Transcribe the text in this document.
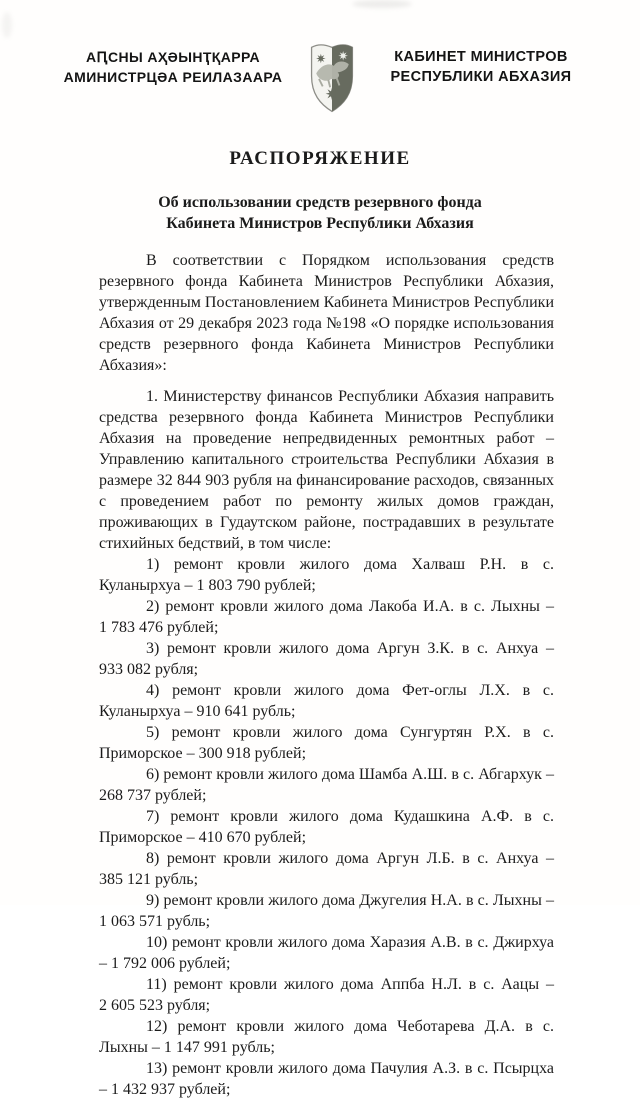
АԤСНЫ АҲӘЫНҬҚАРРА
АМИНИСТРЦӘА РЕИЛАЗААРА
КАБИНЕТ МИНИСТРОВ
РЕСПУБЛИКИ АБХАЗИЯ
РАСПОРЯЖЕНИЕ
Об использовании средств резервного фонда
Кабинета Министров Республики Абхазия

В соответствии с Порядком использования средств резервного фонда Кабинета Министров Республики Абхазия, утвержденным Постановлением Кабинета Министров Республики Абхазия от 29 декабря 2023 года №198 «О порядке использования средств резервного фонда Кабинета Министров Республики Абхазия»:

1. Министерству финансов Республики Абхазия направить средства резервного фонда Кабинета Министров Республики Абхазия на проведение непредвиденных ремонтных работ – Управлению капитального строительства Республики Абхазия в размере 32 844 903 рубля на финансирование расходов, связанных с проведением работ по ремонту жилых домов граждан, проживающих в Гудаутском районе, пострадавших в результате стихийных бедствий, в том числе:

1) ремонт кровли жилого дома Халваш Р.Н. в с. Куланырхуа – 1 803 790 рублей;

2) ремонт кровли жилого дома Лакоба И.А. в с. Лыхны – 1 783 476 рублей;

3) ремонт кровли жилого дома Аргун З.К. в с. Анхуа – 933 082 рубля;

4) ремонт кровли жилого дома Фет-оглы Л.Х. в с. Куланырхуа – 910 641 рубль;

5) ремонт кровли жилого дома Сунгуртян Р.Х. в с. Приморское – 300 918 рублей;

6) ремонт кровли жилого дома Шамба А.Ш. в с. Абгархук – 268 737 рублей;

7) ремонт кровли жилого дома Кудашкина А.Ф. в с. Приморское – 410 670 рублей;

8) ремонт кровли жилого дома Аргун Л.Б. в с. Анхуа – 385 121 рубль;

9) ремонт кровли жилого дома Джугелия Н.А. в с. Лыхны – 1 063 571 рубль;

10) ремонт кровли жилого дома Харазия А.В. в с. Джирхуа – 1 792 006 рублей;

11) ремонт кровли жилого дома Аппба Н.Л. в с. Аацы – 2 605 523 рубля;

12) ремонт кровли жилого дома Чеботарева Д.А. в с. Лыхны – 1 147 991 рубль;

13) ремонт кровли жилого дома Пачулия А.З. в с. Псырцха – 1 432 937 рублей;
